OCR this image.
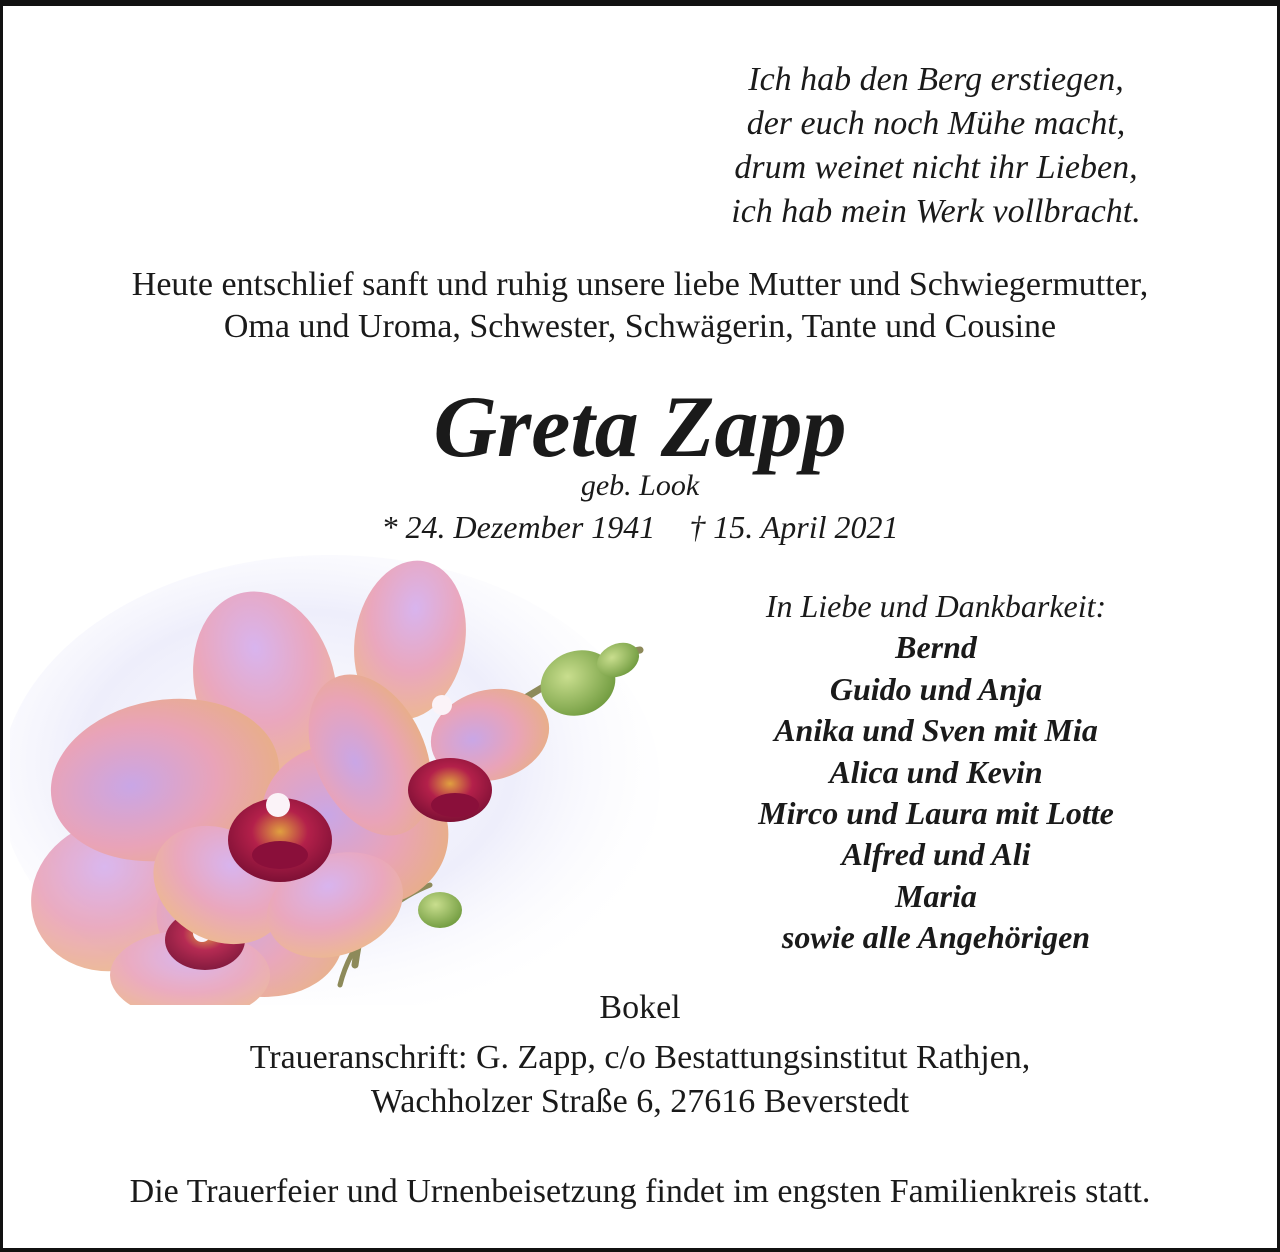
Ich hab den Berg erstiegen,
der euch noch Mühe macht,
drum weinet nicht ihr Lieben,
ich hab mein Werk vollbracht.
Heute entschlief sanft und ruhig unsere liebe Mutter und Schwiegermutter,
Oma und Uroma, Schwester, Schwägerin, Tante und Cousine
Greta Zapp
geb. Look
* 24. Dezember 1941 † 15. April 2021
In Liebe und Dankbarkeit:
Bernd
Guido und Anja
Anika und Sven mit Mia
Alica und Kevin
Mirco und Laura mit Lotte
Alfred und Ali
Maria
sowie alle Angehörigen
Bokel
Traueranschrift: G. Zapp, c/o Bestattungsinstitut Rathjen,
Wachholzer Straße 6, 27616 Beverstedt
Die Trauerfeier und Urnenbeisetzung findet im engsten Familienkreis statt.
